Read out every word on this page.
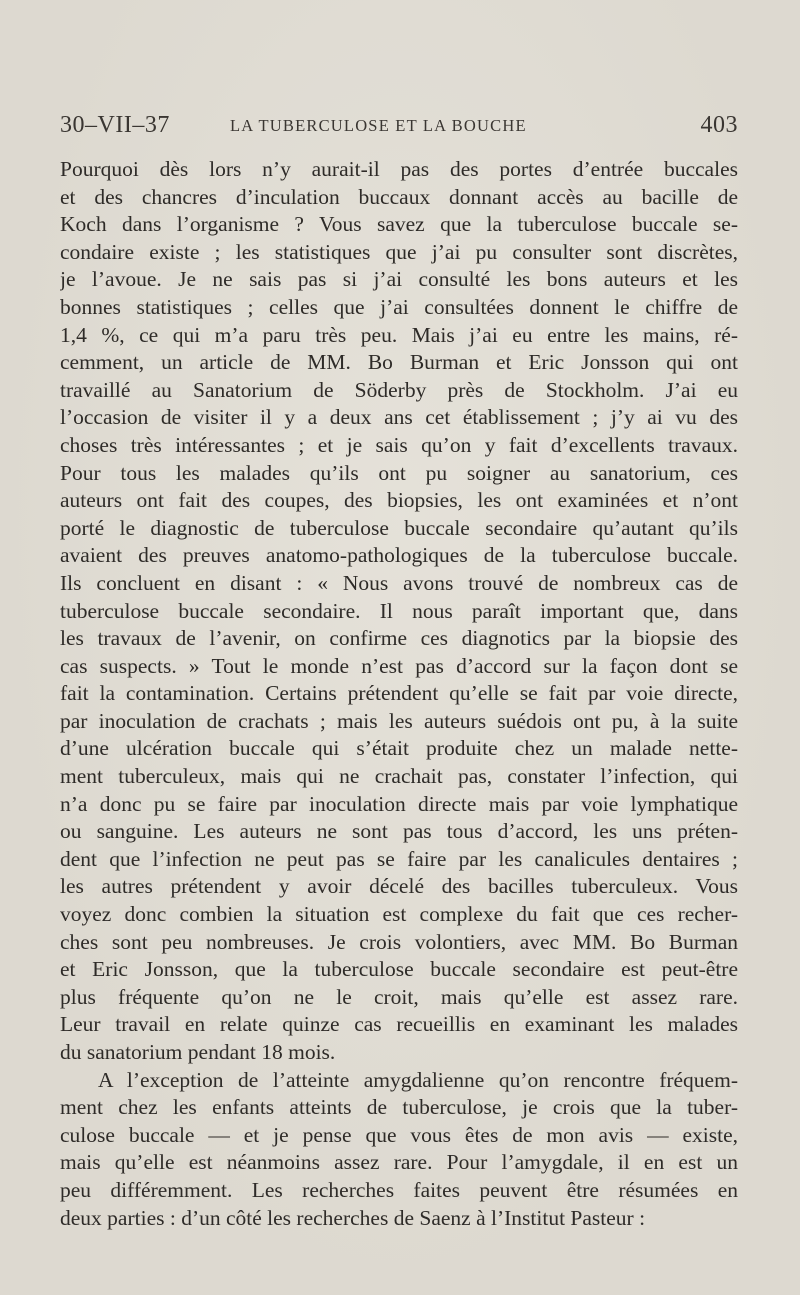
30–VII–37	LA TUBERCULOSE ET LA BOUCHE	403

Pourquoi dès lors n’y aurait-il pas des portes d’entrée buccales
et des chancres d’inculation buccaux donnant accès au bacille de
Koch dans l’organisme ? Vous savez que la tuberculose buccale se-
condaire existe ; les statistiques que j’ai pu consulter sont discrètes,
je l’avoue. Je ne sais pas si j’ai consulté les bons auteurs et les
bonnes statistiques ; celles que j’ai consultées donnent le chiffre de
1,4 %, ce qui m’a paru très peu. Mais j’ai eu entre les mains, ré-
cemment, un article de MM. Bo Burman et Eric Jonsson qui ont
travaillé au Sanatorium de Söderby près de Stockholm. J’ai eu
l’occasion de visiter il y a deux ans cet établissement ; j’y ai vu des
choses très intéressantes ; et je sais qu’on y fait d’excellents travaux.
Pour tous les malades qu’ils ont pu soigner au sanatorium, ces
auteurs ont fait des coupes, des biopsies, les ont examinées et n’ont
porté le diagnostic de tuberculose buccale secondaire qu’autant qu’ils
avaient des preuves anatomo-pathologiques de la tuberculose buccale.
Ils concluent en disant : « Nous avons trouvé de nombreux cas de
tuberculose buccale secondaire. Il nous paraît important que, dans
les travaux de l’avenir, on confirme ces diagnotics par la biopsie des
cas suspects. » Tout le monde n’est pas d’accord sur la façon dont se
fait la contamination. Certains prétendent qu’elle se fait par voie directe,
par inoculation de crachats ; mais les auteurs suédois ont pu, à la suite
d’une ulcération buccale qui s’était produite chez un malade nette-
ment tuberculeux, mais qui ne crachait pas, constater l’infection, qui
n’a donc pu se faire par inoculation directe mais par voie lymphatique
ou sanguine. Les auteurs ne sont pas tous d’accord, les uns préten-
dent que l’infection ne peut pas se faire par les canalicules dentaires ;
les autres prétendent y avoir décelé des bacilles tuberculeux. Vous
voyez donc combien la situation est complexe du fait que ces recher-
ches sont peu nombreuses. Je crois volontiers, avec MM. Bo Burman
et Eric Jonsson, que la tuberculose buccale secondaire est peut-être
plus fréquente qu’on ne le croit, mais qu’elle est assez rare.
Leur travail en relate quinze cas recueillis en examinant les malades
du sanatorium pendant 18 mois.

A l’exception de l’atteinte amygdalienne qu’on rencontre fréquem-
ment chez les enfants atteints de tuberculose, je crois que la tuber-
culose buccale — et je pense que vous êtes de mon avis — existe,
mais qu’elle est néanmoins assez rare. Pour l’amygdale, il en est un
peu différemment. Les recherches faites peuvent être résumées en
deux parties : d’un côté les recherches de Saenz à l’Institut Pasteur :
